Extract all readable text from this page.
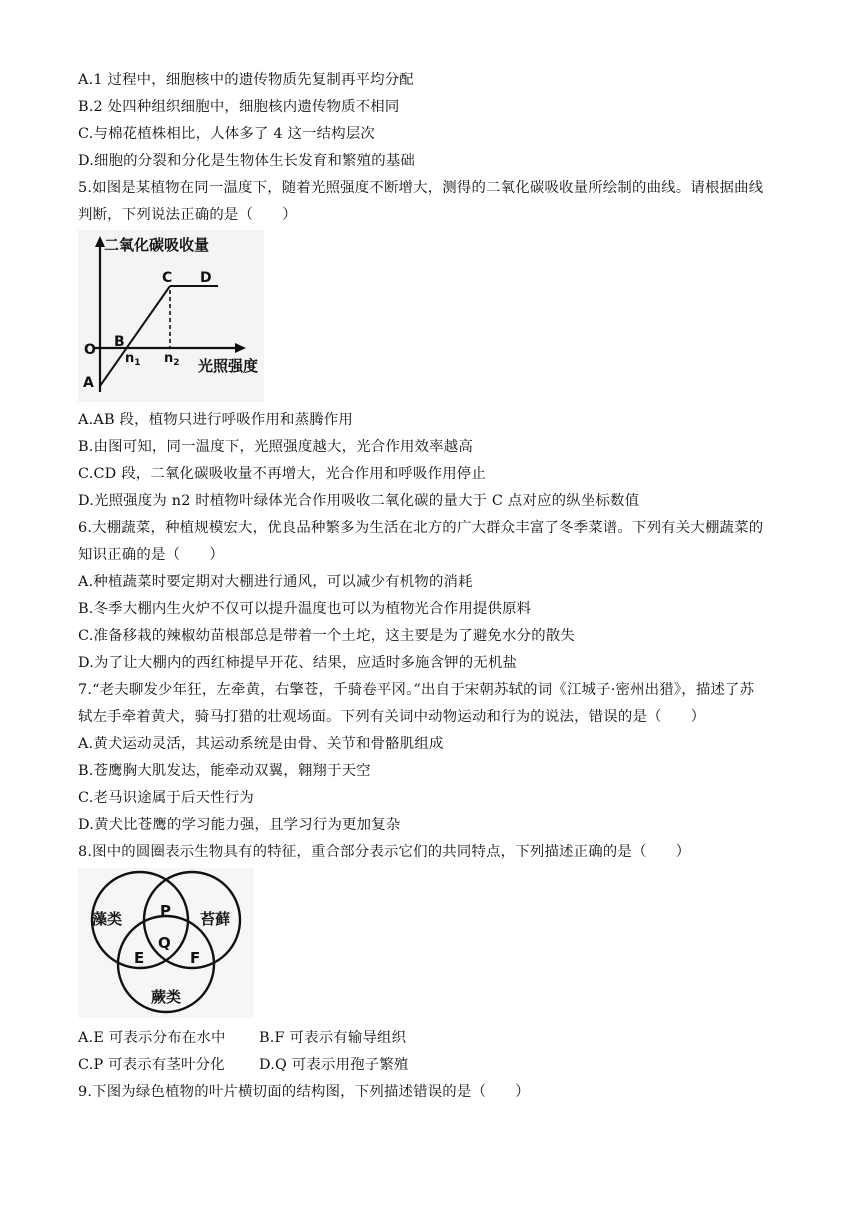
A.1 过程中，细胞核中的遗传物质先复制再平均分配
B.2 处四种组织细胞中，细胞核内遗传物质不相同
C.与棉花植株相比，人体多了 4 这一结构层次
D.细胞的分裂和分化是生物体生长发育和繁殖的基础
5.如图是某植物在同一温度下，随着光照强度不断增大，测得的二氧化碳吸收量所绘制的曲线。请根据曲线
判断，下列说法正确的是（　　）
二氧化碳吸收量
光照强度
O
A
B
C D
$n_1$ $n_2$
A.AB 段，植物只进行呼吸作用和蒸腾作用
B.由图可知，同一温度下，光照强度越大，光合作用效率越高
C.CD 段，二氧化碳吸收量不再增大，光合作用和呼吸作用停止
D.光照强度为 n2 时植物叶绿体光合作用吸收二氧化碳的量大于 C 点对应的纵坐标数值
6.大棚蔬菜，种植规模宏大，优良品种繁多为生活在北方的广大群众丰富了冬季菜谱。下列有关大棚蔬菜的
知识正确的是（　　）
A.种植蔬菜时要定期对大棚进行通风，可以减少有机物的消耗
B.冬季大棚内生火炉不仅可以提升温度也可以为植物光合作用提供原料
C.准备移栽的辣椒幼苗根部总是带着一个土坨，这主要是为了避免水分的散失
D.为了让大棚内的西红柿提早开花、结果，应适时多施含钾的无机盐
7.“老夫聊发少年狂，左牵黄，右擎苍，千骑卷平冈。”出自于宋朝苏轼的词《江城子·密州出猎》，描述了苏
轼左手牵着黄犬，骑马打猎的壮观场面。下列有关词中动物运动和行为的说法，错误的是（　　）
A.黄犬运动灵活，其运动系统是由骨、关节和骨骼肌组成
B.苍鹰胸大肌发达，能牵动双翼，翱翔于天空
C.老马识途属于后天性行为
D.黄犬比苍鹰的学习能力强，且学习行为更加复杂
8.图中的圆圈表示生物具有的特征，重合部分表示它们的共同特点，下列描述正确的是（　　）
藻类	苔藓
蕨类
P
Q
E	F
A.E 可表示分布在水中 B.F 可表示有输导组织
C.P 可表示有茎叶分化 D.Q 可表示用孢子繁殖
9.下图为绿色植物的叶片横切面的结构图，下列描述错误的是（　　）
